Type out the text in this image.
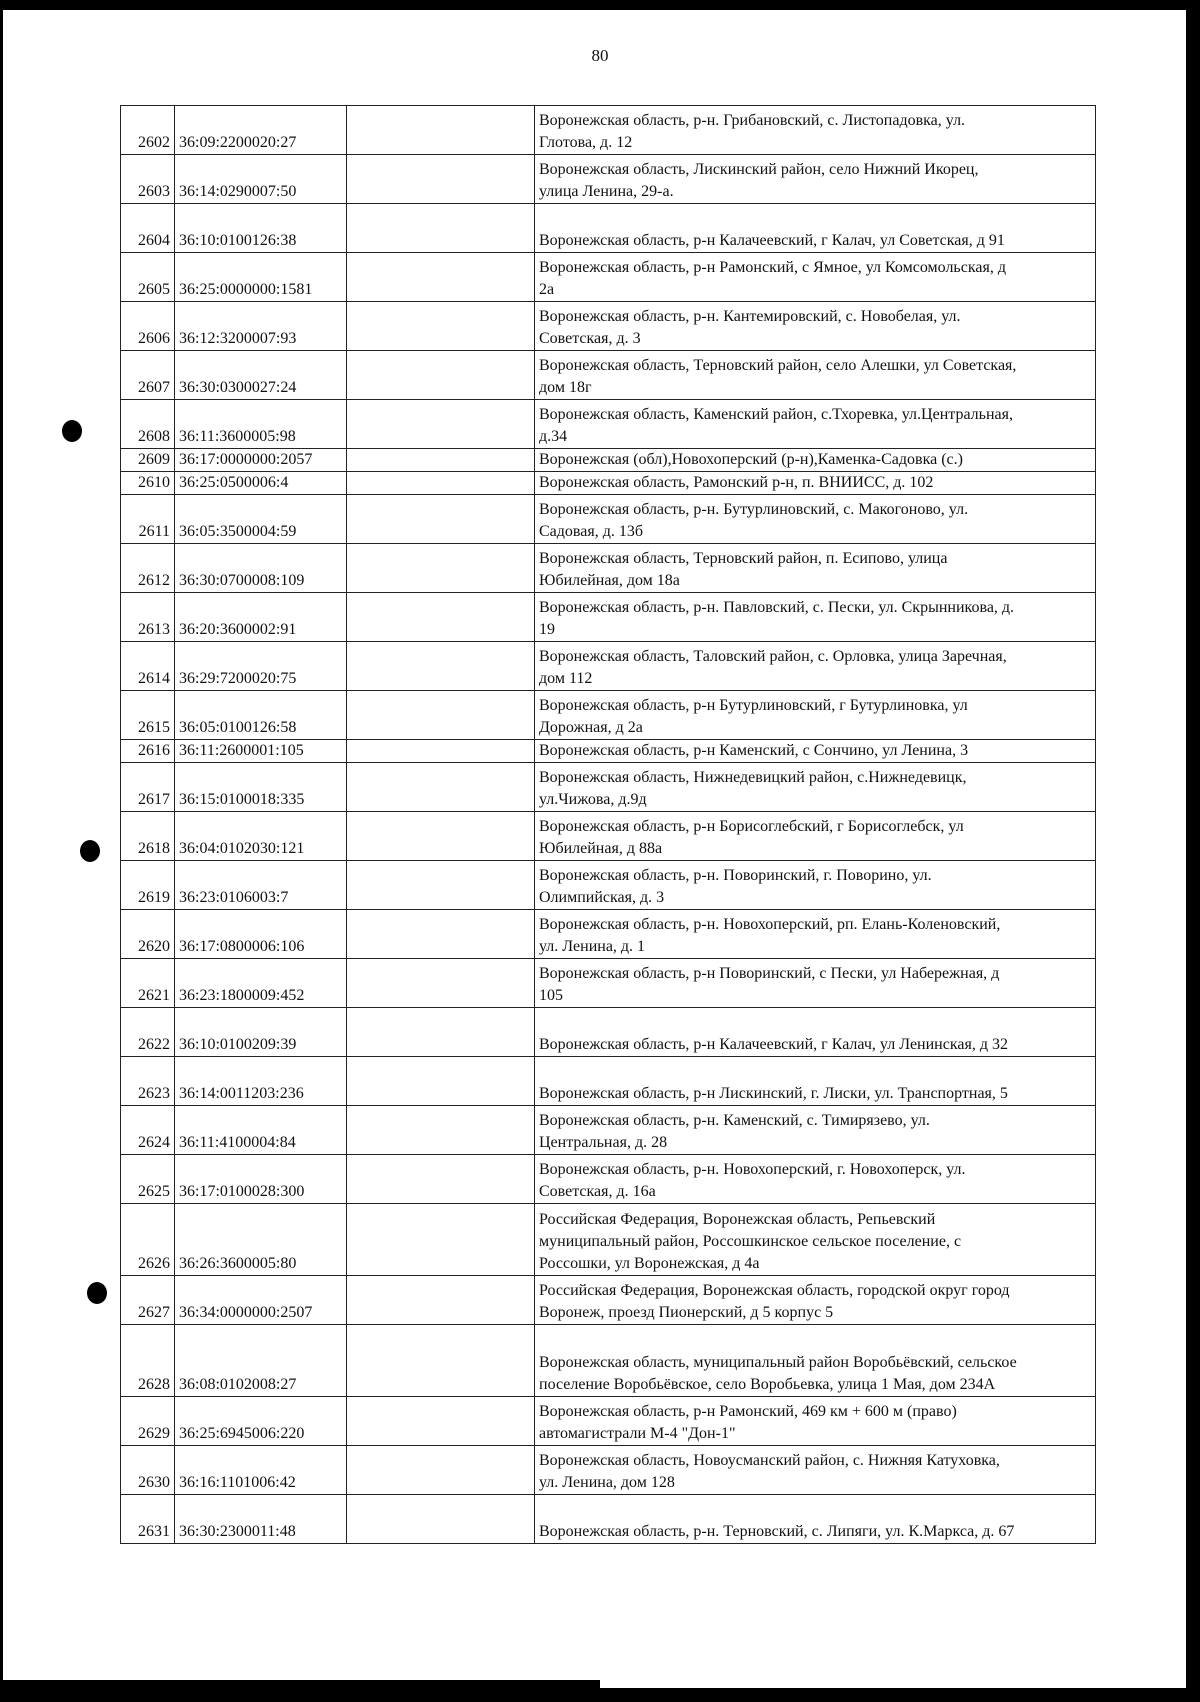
80
2602	36:09:2200020:27		Воронежская область, р-н. Грибановский, с. Листопадовка, ул.
Глотова, д. 12
2603	36:14:0290007:50		Воронежская область, Лискинский район, село Нижний Икорец,
улица Ленина, 29-а.
2604	36:10:0100126:38		Воронежская область, р-н Калачеевский, г Калач, ул Советская, д 91
2605	36:25:0000000:1581		Воронежская область, р-н Рамонский, с Ямное, ул Комсомольская, д
2а
2606	36:12:3200007:93		Воронежская область, р-н. Кантемировский, с. Новобелая, ул.
Советская, д. 3
2607	36:30:0300027:24		Воронежская область, Терновский район, село Алешки, ул Советская,
дом 18г
2608	36:11:3600005:98		Воронежская область, Каменский район, с.Тхоревка, ул.Центральная,
д.34
2609	36:17:0000000:2057		Воронежская (обл),Новохоперский (р-н),Каменка-Садовка (с.)
2610	36:25:0500006:4		Воронежская область, Рамонский р-н, п. ВНИИСС, д. 102
2611	36:05:3500004:59		Воронежская область, р-н. Бутурлиновский, с. Макогоново, ул.
Садовая, д. 13б
2612	36:30:0700008:109		Воронежская область, Терновский район, п. Есипово, улица
Юбилейная, дом 18а
2613	36:20:3600002:91		Воронежская область, р-н. Павловский, с. Пески, ул. Скрынникова, д.
19
2614	36:29:7200020:75		Воронежская область, Таловский район, с. Орловка, улица Заречная,
дом 112
2615	36:05:0100126:58		Воронежская область, р-н Бутурлиновский, г Бутурлиновка, ул
Дорожная, д 2а
2616	36:11:2600001:105		Воронежская область, р-н Каменский, с Сончино, ул Ленина, 3
2617	36:15:0100018:335		Воронежская область, Нижнедевицкий район, с.Нижнедевицк,
ул.Чижова, д.9д
2618	36:04:0102030:121		Воронежская область, р-н Борисоглебский, г Борисоглебск, ул
Юбилейная, д 88а
2619	36:23:0106003:7		Воронежская область, р-н. Поворинский, г. Поворино, ул.
Олимпийская, д. 3
2620	36:17:0800006:106		Воронежская область, р-н. Новохоперский, рп. Елань-Коленовский,
ул. Ленина, д. 1
2621	36:23:1800009:452		Воронежская область, р-н Поворинский, с Пески, ул Набережная, д
105
2622	36:10:0100209:39		Воронежская область, р-н Калачеевский, г Калач, ул Ленинская, д 32
2623	36:14:0011203:236		Воронежская область, р-н Лискинский, г. Лиски, ул. Транспортная, 5
2624	36:11:4100004:84		Воронежская область, р-н. Каменский, с. Тимирязево, ул.
Центральная, д. 28
2625	36:17:0100028:300		Воронежская область, р-н. Новохоперский, г. Новохоперск, ул.
Советская, д. 16а
2626	36:26:3600005:80		Российская Федерация, Воронежская область, Репьевский
муниципальный район, Россошкинское сельское поселение, с
Россошки, ул Воронежская, д 4а
2627	36:34:0000000:2507		Российская Федерация, Воронежская область, городской округ город
Воронеж, проезд Пионерский, д 5 корпус 5
2628	36:08:0102008:27		Воронежская область, муниципальный район Воробьёвский, сельское
поселение Воробьёвское, село Воробьевка, улица 1 Мая, дом 234А
2629	36:25:6945006:220		Воронежская область, р-н Рамонский, 469 км + 600 м (право)
автомагистрали М-4 "Дон-1"
2630	36:16:1101006:42		Воронежская область, Новоусманский район, с. Нижняя Катуховка,
ул. Ленина, дом 128
2631	36:30:2300011:48		Воронежская область, р-н. Терновский, с. Липяги, ул. К.Маркса, д. 67
